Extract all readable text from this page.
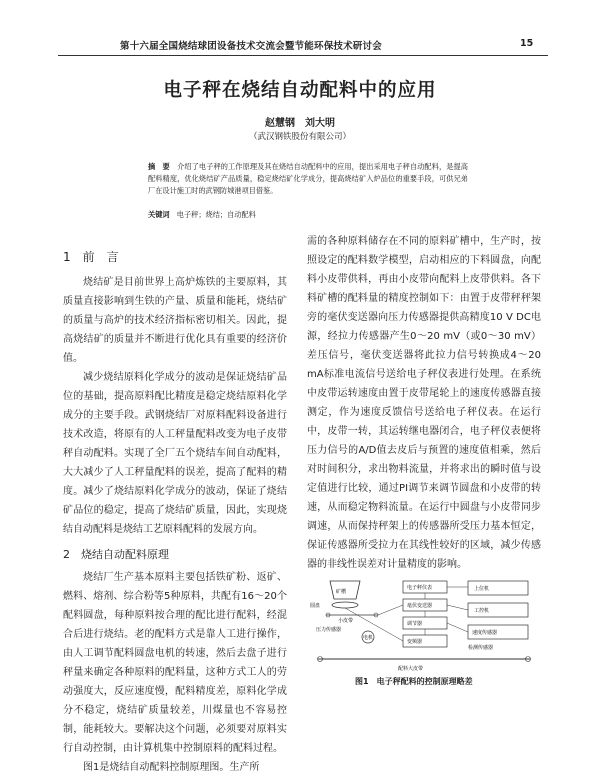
第十六届全国烧结球团设备技术交流会暨节能环保技术研讨会	15
电子秤在烧结自动配料中的应用
赵慧钢　刘大明
（武汉钢铁股份有限公司）
摘　要　 介绍了电子秤的工作原理及其在烧结自动配料中的应用，提出采用电子秤自动配料，是提高配料精度，优化烧结矿产品质量，稳定烧结矿化学成分，提高烧结矿入炉品位的重要手段，可供兄弟厂在设计施工时的武钢防城港项目借鉴。
关键词　 电子秤；烧结；自动配料
1　前　言

烧结矿是目前世界上高炉炼铁的主要原料，其质量直接影响到生铁的产量、质量和能耗，烧结矿的质量与高炉的技术经济指标密切相关。因此，提高烧结矿的质量并不断进行优化具有重要的经济价值。

减少烧结原料化学成分的波动是保证烧结矿品位的基础，提高原料配比精度是稳定烧结原料化学成分的主要手段。武钢烧结厂对原料配料设备进行技术改造，将原有的人工秤量配料改变为电子皮带秤自动配料。实现了全厂五个烧结车间自动配料，大大减少了人工秤量配料的误差，提高了配料的精度。减少了烧结原料化学成分的波动，保证了烧结矿品位的稳定，提高了烧结矿质量，因此，实现烧结自动配料是烧结工艺原料配料的发展方向。

2　烧结自动配料原理

烧结厂生产基本原料主要包括铁矿粉、返矿、燃料、熔剂、综合粉等5种原料，共配有16～20个配料圆盘，每种原料按合理的配比进行配料，经混合后进行烧结。老的配料方式是靠人工进行操作，由人工调节配料圆盘电机的转速，然后去盘子进行秤量来确定各种原料的配料量，这种方式工人的劳动强度大，反应速度慢，配料精度差，原料化学成分不稳定，烧结矿质量较差，川煤量也不容易控制，能耗较大。要解决这个问题，必须要对原料实行自动控制，由计算机集中控制原料的配料过程。

图1是烧结自动配料控制原理图。生产所

需的各种原料储存在不同的原料矿槽中，生产时，按照设定的配料数学模型，启动相应的下料圆盘，向配料小皮带供料，再由小皮带向配料上皮带供料。各下料矿槽的配料量的精度控制如下：由置于皮带秤秤架旁的毫伏变送器向压力传感器提供高精度10 V DC电源，经拉力传感器产生0～20 mV（或0～30 mV）差压信号，毫伏变送器将此拉力信号转换成4～20 mA标准电流信号送给电子秤仪表进行处理。在系统中皮带运转速度由置于皮带尾轮上的速度传感器直接测定，作为速度反馈信号送给电子秤仪表。在运行中，皮带一转，其运转继电器闭合，电子秤仪表便将压力信号的A/D值去皮后与预置的速度值相乘，然后对时间积分，求出物料流量，并将求出的瞬时值与设定值进行比较，通过PI调节来调节圆盘和小皮带的转速，从而稳定物料流量。在运行中圆盘与小皮带同步调速，从而保持秤架上的传感器所受压力基本恒定，保证传感器所受拉力在其线性较好的区域，减少传感器的非线性误差对计量精度的影响。

矿槽
圆盘
小皮带
电子秤仪表
毫伏变送器
调节器
变频器
上位机
工控机
速度传感器
电机
压力传感器
检测传感器
配料大皮带
图1　电子秤配料的控制原理略差
